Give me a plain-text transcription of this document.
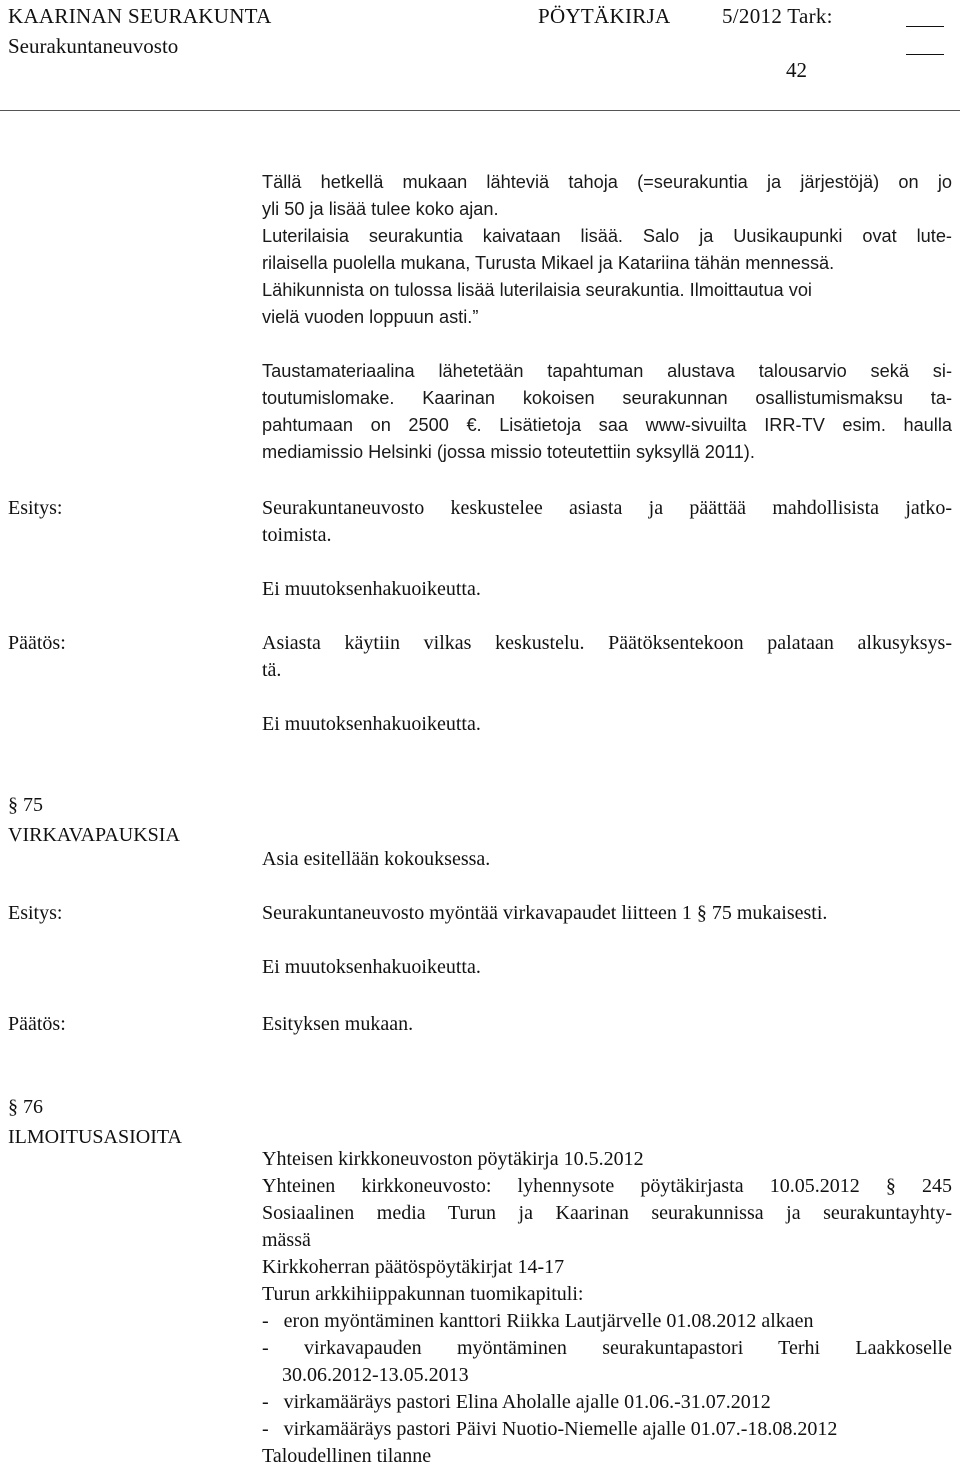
KAARINAN SEURAKUNTA	PÖYTÄKIRJA 5/2012 Tark:
Seurakuntaneuvosto
42
Tällä hetkellä mukaan lähteviä tahoja (=seurakuntia ja järjestöjä) on jo
yli 50 ja lisää tulee koko ajan.
Luterilaisia seurakuntia kaivataan lisää. Salo ja Uusikaupunki ovat lute-
rilaisella puolella mukana, Turusta Mikael ja Katariina tähän mennessä.
Lähikunnista on tulossa lisää luterilaisia seurakuntia. Ilmoittautua voi
vielä vuoden loppuun asti.”
Taustamateriaalina lähetetään tapahtuman alustava talousarvio sekä si-
toutumislomake. Kaarinan kokoisen seurakunnan osallistumismaksu ta-
pahtumaan on 2500 €. Lisätietoja saa www-sivuilta IRR-TV esim. haulla
mediamissio Helsinki (jossa missio toteutettiin syksyllä 2011).
Esitys:	Seurakuntaneuvosto keskustelee asiasta ja päättää mahdollisista jatko-
toimista.
Ei muutoksenhakuoikeutta.
Päätös:	Asiasta käytiin vilkas keskustelu. Päätöksentekoon palataan alkusyksys-
tä.
Ei muutoksenhakuoikeutta.
§ 75
VIRKAVAPAUKSIA
Asia esitellään kokouksessa.
Esitys:	Seurakuntaneuvosto myöntää virkavapaudet liitteen 1 § 75 mukaisesti.
Ei muutoksenhakuoikeutta.
Päätös:	Esityksen mukaan.
§ 76
ILMOITUSASIOITA
Yhteisen kirkkoneuvoston pöytäkirja 10.5.2012
Yhteinen kirkkoneuvosto: lyhennysote pöytäkirjasta 10.05.2012 § 245
Sosiaalinen media Turun ja Kaarinan seurakunnissa ja seurakuntayhty-
mässä
Kirkkoherran päätöspöytäkirjat 14-17
Turun arkkihiippakunnan tuomikapituli:
-   eron myöntäminen kanttori Riikka Lautjärvelle 01.08.2012 alkaen
- virkavapauden myöntäminen seurakuntapastori Terhi Laakkoselle
30.06.2012-13.05.2013
-   virkamääräys pastori Elina Aholalle ajalle 01.06.-31.07.2012
-   virkamääräys pastori Päivi Nuotio-Niemelle ajalle 01.07.-18.08.2012
Taloudellinen tilanne
